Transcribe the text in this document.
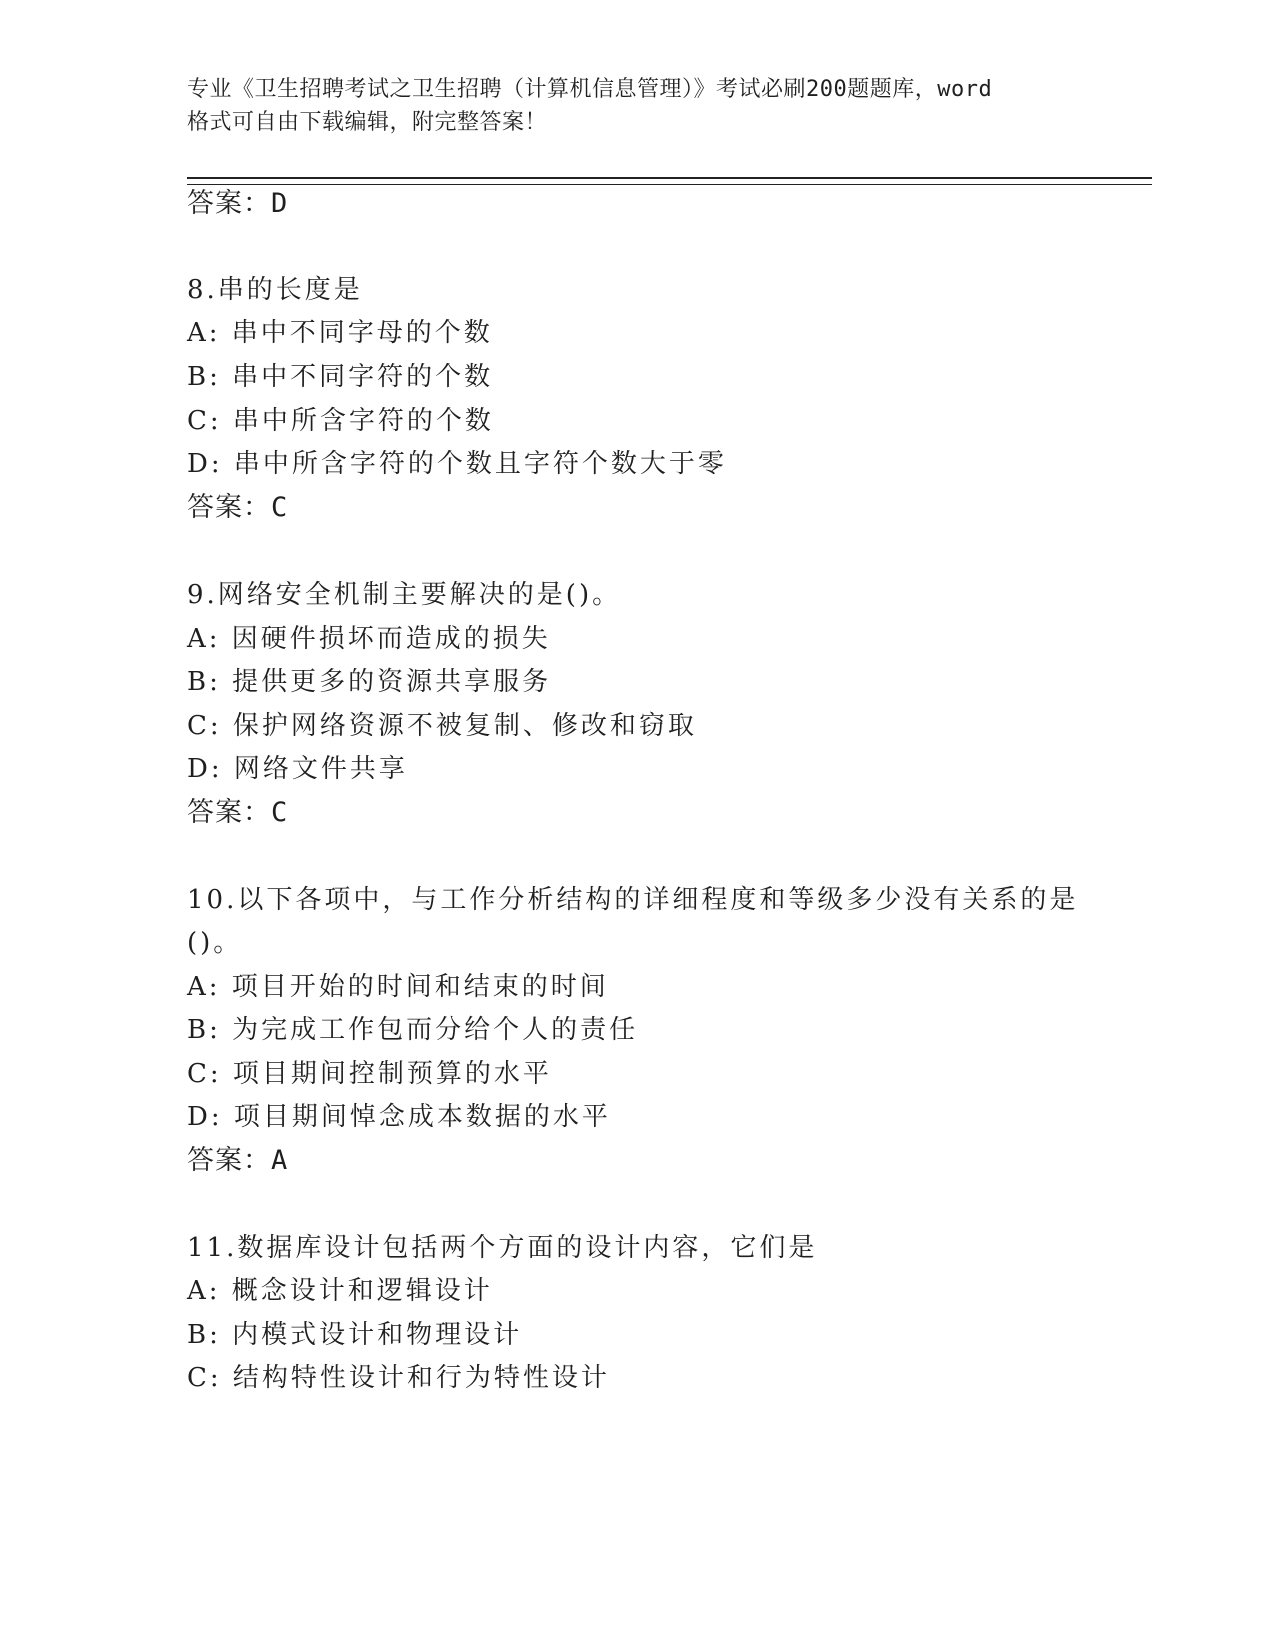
专业《卫生招聘考试之卫生招聘（计算机信息管理）》考试必刷200题题库，word
格式可自由下载编辑，附完整答案！
答案：D
8.串的长度是
A: 串中不同字母的个数
B: 串中不同字符的个数
C: 串中所含字符的个数
D: 串中所含字符的个数且字符个数大于零
答案：C
9.网络安全机制主要解决的是()。
A: 因硬件损坏而造成的损失
B: 提供更多的资源共享服务
C: 保护网络资源不被复制、修改和窃取
D: 网络文件共享
答案：C
10.以下各项中，与工作分析结构的详细程度和等级多少没有关系的是
()。
A: 项目开始的时间和结束的时间
B: 为完成工作包而分给个人的责任
C: 项目期间控制预算的水平
D: 项目期间悼念成本数据的水平
答案：A
11.数据库设计包括两个方面的设计内容，它们是
A: 概念设计和逻辑设计
B: 内模式设计和物理设计
C: 结构特性设计和行为特性设计
